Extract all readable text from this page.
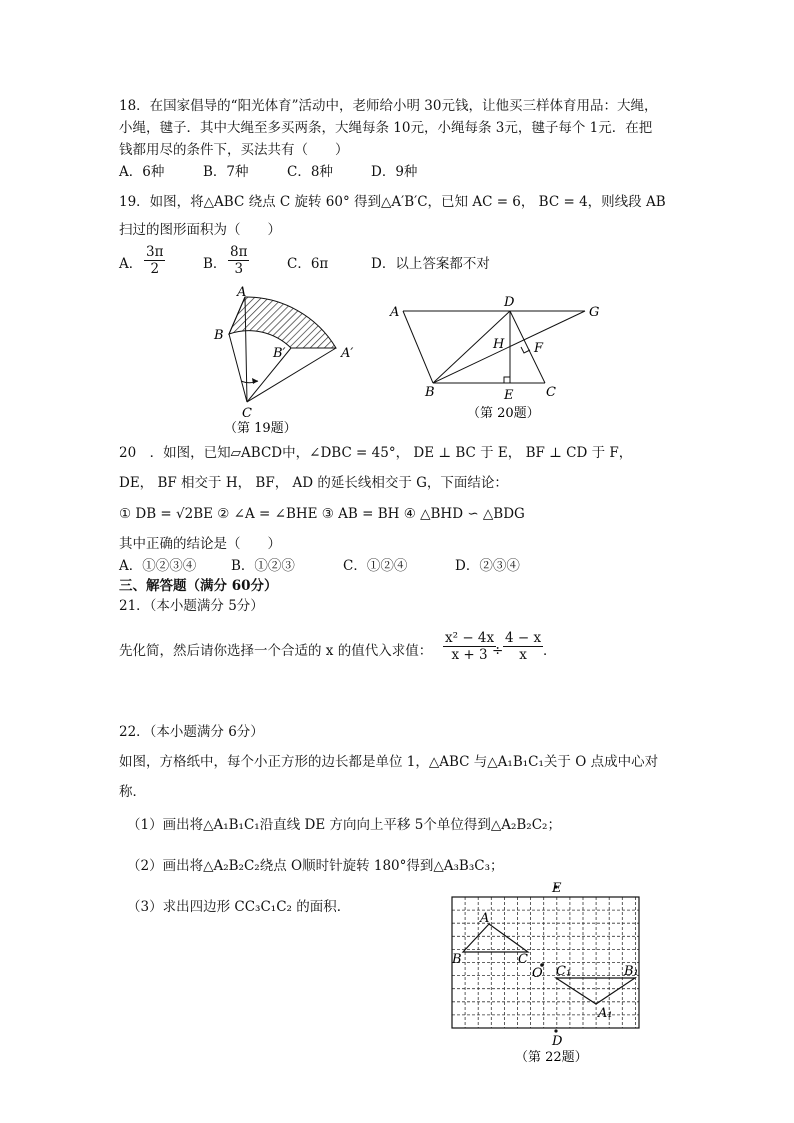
18．在国家倡导的“阳光体育”活动中，老师给小明 30元钱，让他买三样体育用品：大绳，
小绳，毽子．其中大绳至多买两条，大绳每条 10元，小绳每条 3元，毽子每个 1元．在把
钱都用尽的条件下，买法共有（　　）
A．6种	B．7种	C．8种	D．9种
19．如图，将△ABC 绕点 C 旋转 60° 得到△A′B′C，已知 AC = 6， BC = 4，则线段 AB
扫过的图形面积为（　　）
A． $\frac{3\pi}{2}$	B． $\frac{8\pi}{3}$	C．6π	D．以上答案都不对
A
B
B′	A′
C
（第 19题）
A
D
G
H F
B	E	C
（第 20题）
20　．如图，已知▱ABCD中，∠DBC = 45°， DE ⊥ BC 于 E， BF ⊥ CD 于 F，
DE， BF 相交于 H， BF， AD 的延长线相交于 G，下面结论：
① DB = √2BE ② ∠A = ∠BHE ③ AB = BH ④ △BHD ∽ △BDG
其中正确的结论是（　　）
A．①②③④	B．①②③	C．①②④	D．②③④
三、解答题（满分 60分）
21．（本小题满分 5分）
先化简，然后请你选择一个合适的 x 的值代入求值： $\frac{\text{x² − 4x}}{x + 3}$
÷ $\frac{4 - x}{x}$ ．
22．（本小题满分 6分）
如图，方格纸中，每个小正方形的边长都是单位 1，△ABC 与△A₁B₁C₁关于 O 点成中心对
称．
（1）画出将△A₁B₁C₁沿直线 DE 方向向上平移 5个单位得到△A₂B₂C₂；
（2）画出将△A₂B₂C₂绕点 O顺时针旋转 180°得到△A₃B₃C₃；
（3）求出四边形 CC₃C₁C₂ 的面积．
E
A
B	C
O C₁	B₁
A₁
D
（第 22题）
